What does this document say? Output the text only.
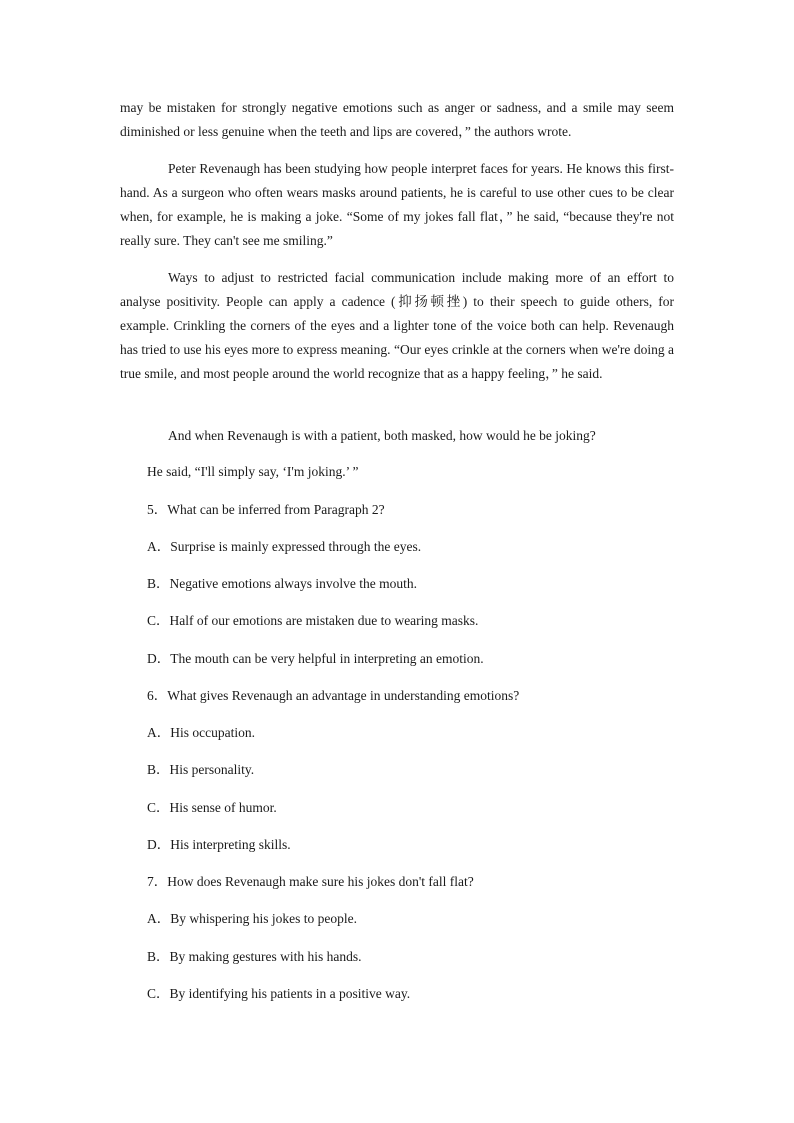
may be mistaken for strongly negative emotions such as anger or sadness, and a smile may seem diminished or less genuine when the teeth and lips are covered，” the authors wrote.

Peter Revenaugh has been studying how people interpret faces for years. He knows this first-hand. As a surgeon who often wears masks around patients, he is careful to use other cues to be clear when, for example, he is making a joke. “Some of my jokes fall flat，” he said, “because they're not really sure. They can't see me smiling.”

Ways to adjust to restricted facial communication include making more of an effort to analyse positivity. People can apply a cadence (抑扬顿挫) to their speech to guide others, for example. Crinkling the corners of the eyes and a lighter tone of the voice both can help. Revenaugh has tried to use his eyes more to express meaning. “Our eyes crinkle at the corners when we're doing a true smile, and most people around the world recognize that as a happy feeling，” he said.

And when Revenaugh is with a patient, both masked, how would he be joking?

He said, “I'll simply say, ‘I'm joking.’ ”

5．What can be inferred from Paragraph 2?

A．Surprise is mainly expressed through the eyes.

B．Negative emotions always involve the mouth.

C．Half of our emotions are mistaken due to wearing masks.

D．The mouth can be very helpful in interpreting an emotion.

6．What gives Revenaugh an advantage in understanding emotions?

A．His occupation.

B．His personality.

C．His sense of humor.

D．His interpreting skills.

7．How does Revenaugh make sure his jokes don't fall flat?

A．By whispering his jokes to people.

B．By making gestures with his hands.

C．By identifying his patients in a positive way.
